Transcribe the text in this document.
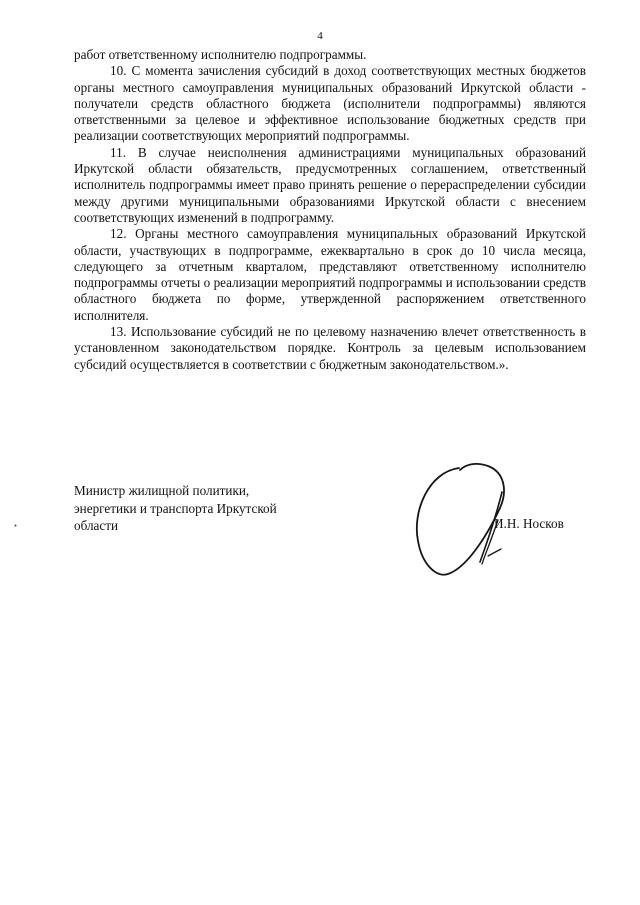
4

работ ответственному исполнителю подпрограммы.

10. С момента зачисления субсидий в доход соответствующих местных бюджетов органы местного самоуправления муниципальных образований Иркутской области - получатели средств областного бюджета (исполнители подпрограммы) являются ответственными за целевое и эффективное использование бюджетных средств при реализации соответствующих мероприятий подпрограммы.

11. В случае неисполнения администрациями муниципальных образований Иркутской области обязательств, предусмотренных соглашением, ответственный исполнитель подпрограммы имеет право принять решение о перераспределении субсидии между другими муниципальными образованиями Иркутской области с внесением соответствующих изменений в подпрограмму.

12. Органы местного самоуправления муниципальных образований Иркутской области, участвующих в подпрограмме, ежеквартально в срок до 10 числа месяца, следующего за отчетным кварталом, представляют ответственному исполнителю подпрограммы отчеты о реализации мероприятий подпрограммы и использовании средств областного бюджета по форме, утвержденной распоряжением ответственного исполнителя.

13. Использование субсидий не по целевому назначению влечет ответственность в установленном законодательством порядке. Контроль за целевым использованием субсидий осуществляется в соответствии с бюджетным законодательством.».

Министр жилищной политики,
энергетики и транспорта Иркутской
области	И.Н. Носков
